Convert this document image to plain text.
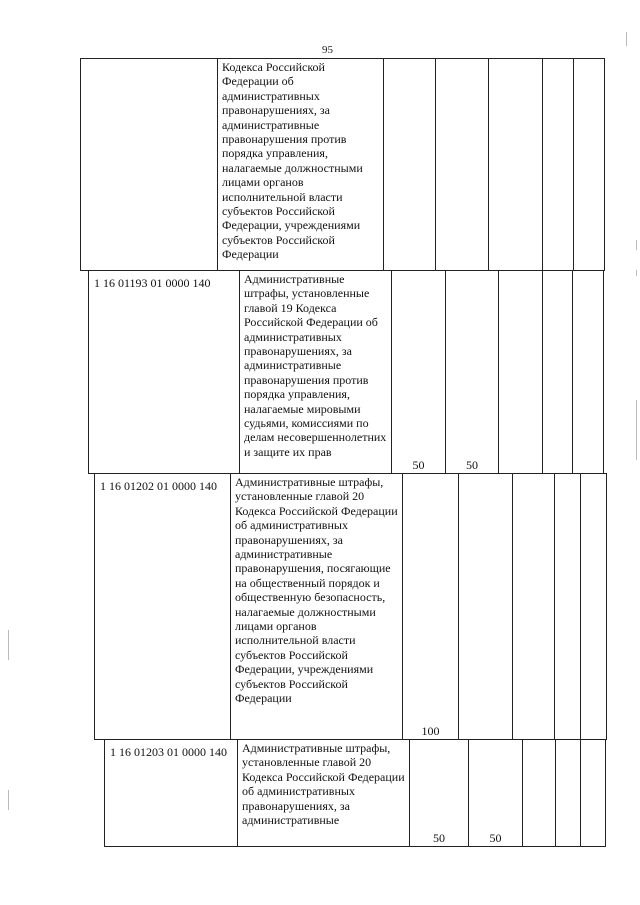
95
	Кодекса Российской Федерации об административных правонарушениях, за административные правонарушения против порядка управления, налагаемые должностными лицами органов исполнительной власти субъектов Российской Федерации, учреждениями субъектов Российской Федерации					
1 16 01193 01 0000 140	Административные штрафы, установленные главой 19 Кодекса Российской Федерации об административных правонарушениях, за административные правонарушения против порядка управления, налагаемые мировыми судьями, комиссиями по делам несовершеннолетних и защите их прав	50	50			
1 16 01202 01 0000 140	Административные штрафы, установленные главой 20 Кодекса Российской Федерации об административных правонарушениях, за административные правонарушения, посягающие на общественный порядок и общественную безопасность, налагаемые должностными лицами органов исполнительной власти субъектов Российской Федерации, учреждениями субъектов Российской Федерации	100				
1 16 01203 01 0000 140	Административные штрафы, установленные главой 20 Кодекса Российской Федерации об административных правонарушениях, за административные	50	50			
